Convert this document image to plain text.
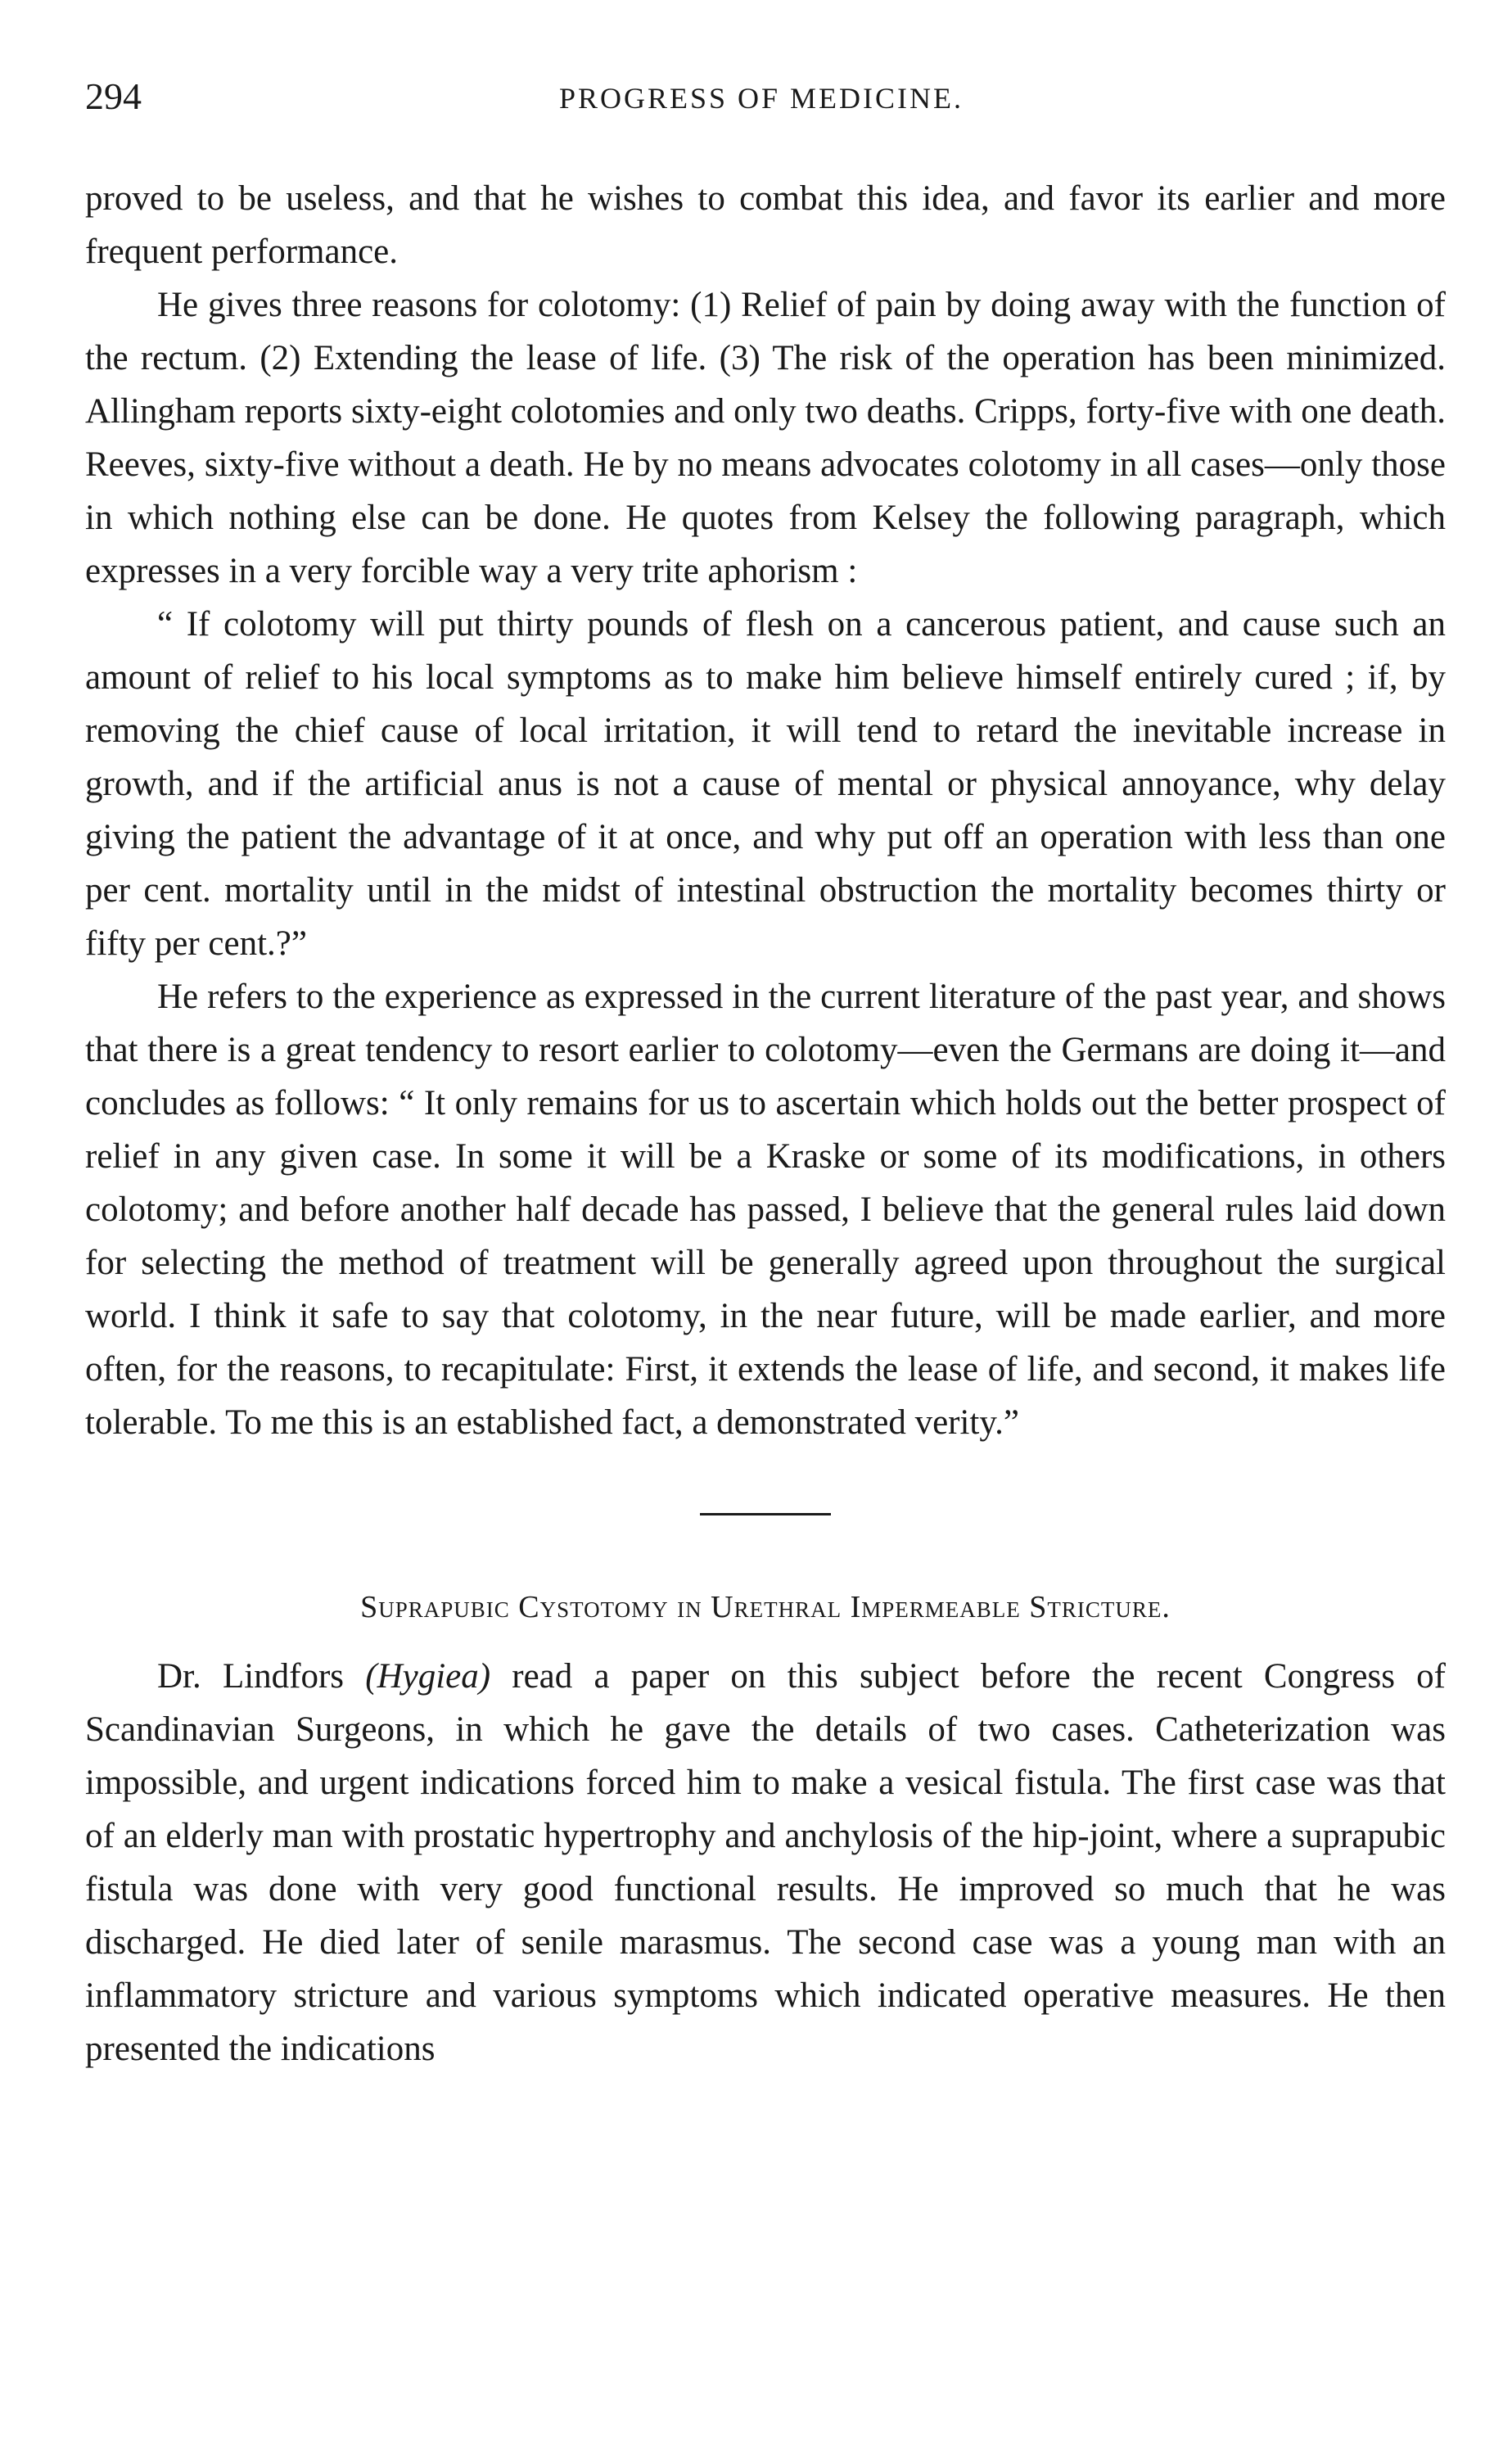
294	PROGRESS OF MEDICINE.

proved to be useless, and that he wishes to combat this idea, and favor its earlier and more frequent performance.

He gives three reasons for colotomy: (1) Relief of pain by doing away with the function of the rectum. (2) Extending the lease of life. (3) The risk of the operation has been minimized. Allingham reports sixty-eight colotomies and only two deaths. Cripps, forty-five with one death. Reeves, sixty-five without a death. He by no means advocates colotomy in all cases—only those in which nothing else can be done. He quotes from Kelsey the following paragraph, which expresses in a very forcible way a very trite aphorism :

“ If colotomy will put thirty pounds of flesh on a cancerous patient, and cause such an amount of relief to his local symptoms as to make him believe himself entirely cured ; if, by removing the chief cause of local irritation, it will tend to retard the inevitable increase in growth, and if the artificial anus is not a cause of mental or physical annoyance, why delay giving the patient the advantage of it at once, and why put off an operation with less than one per cent. mortality until in the midst of intestinal obstruction the mortality becomes thirty or fifty per cent.?”

He refers to the experience as expressed in the current literature of the past year, and shows that there is a great tendency to resort earlier to colotomy—even the Germans are doing it—and concludes as follows: “ It only remains for us to ascertain which holds out the better prospect of relief in any given case. In some it will be a Kraske or some of its modifications, in others colotomy; and before another half decade has passed, I believe that the general rules laid down for selecting the method of treatment will be generally agreed upon throughout the surgical world. I think it safe to say that colotomy, in the near future, will be made earlier, and more often, for the reasons, to recapitulate: First, it extends the lease of life, and second, it makes life tolerable. To me this is an established fact, a demonstrated verity.”

Suprapubic Cystotomy in Urethral Impermeable Stricture.

Dr. Lindfors (Hygiea) read a paper on this subject before the recent Congress of Scandinavian Surgeons, in which he gave the details of two cases. Catheterization was impossible, and urgent indications forced him to make a vesical fistula. The first case was that of an elderly man with prostatic hypertrophy and anchylosis of the hip-joint, where a suprapubic fistula was done with very good functional results. He improved so much that he was discharged. He died later of senile marasmus. The second case was a young man with an inflammatory stricture and various symptoms which indicated operative measures. He then presented the indications
